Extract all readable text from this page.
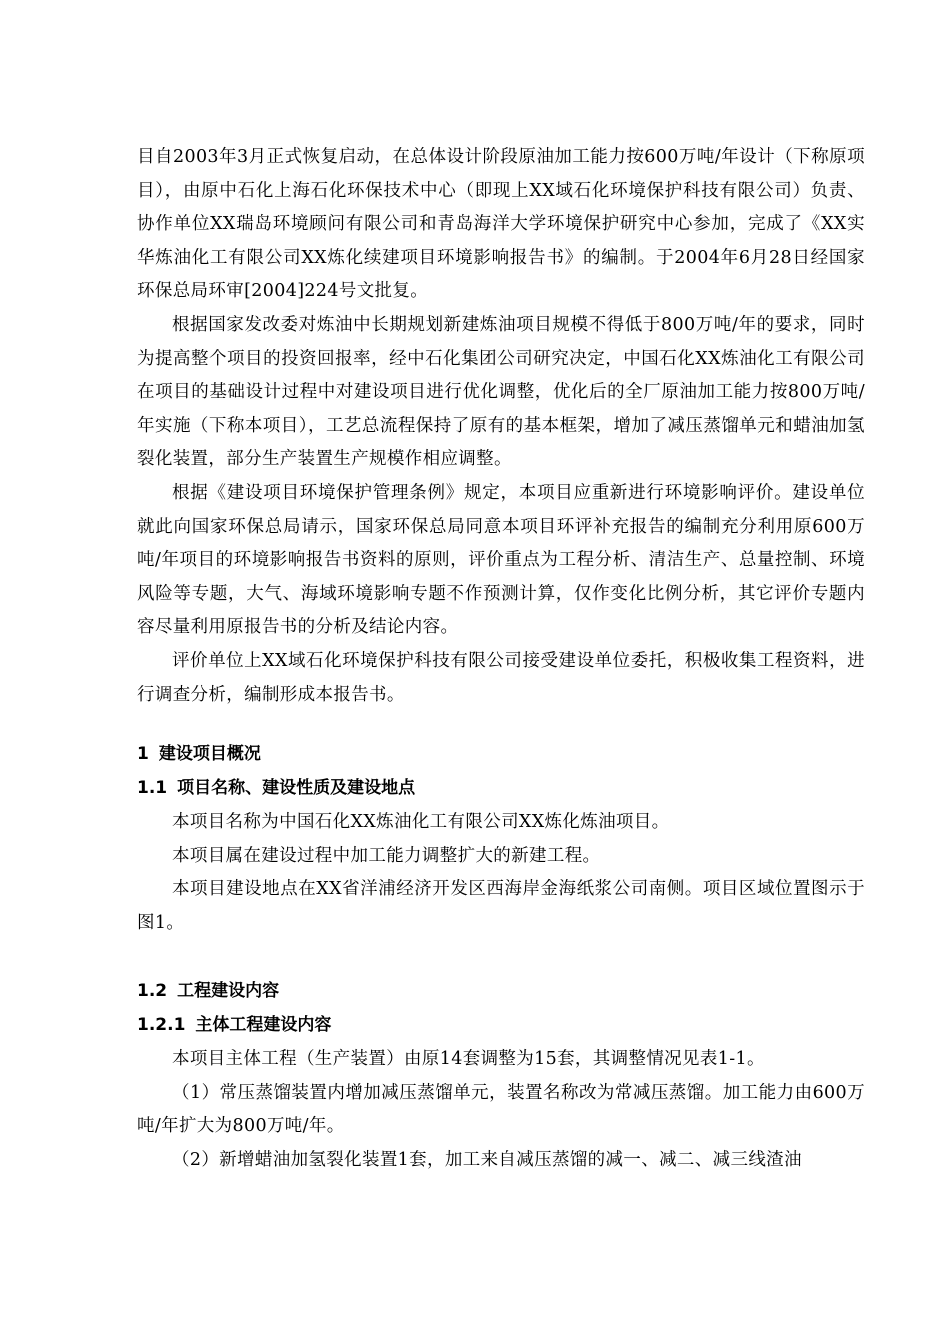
目自2003年3月正式恢复启动，在总体设计阶段原油加工能力按600万吨/年设计（下称原项目），由原中石化上海石化环保技术中心（即现上XX域石化环境保护科技有限公司）负责、协作单位XX瑞岛环境顾问有限公司和青岛海洋大学环境保护研究中心参加，完成了《XX实华炼油化工有限公司XX炼化续建项目环境影响报告书》的编制。于2004年6月28日经国家环保总局环审[2004]224号文批复。

根据国家发改委对炼油中长期规划新建炼油项目规模不得低于800万吨/年的要求，同时为提高整个项目的投资回报率，经中石化集团公司研究决定，中国石化XX炼油化工有限公司在项目的基础设计过程中对建设项目进行优化调整，优化后的全厂原油加工能力按800万吨/年实施（下称本项目），工艺总流程保持了原有的基本框架，增加了减压蒸馏单元和蜡油加氢裂化装置，部分生产装置生产规模作相应调整。

根据《建设项目环境保护管理条例》规定，本项目应重新进行环境影响评价。建设单位就此向国家环保总局请示，国家环保总局同意本项目环评补充报告的编制充分利用原600万吨/年项目的环境影响报告书资料的原则，评价重点为工程分析、清洁生产、总量控制、环境风险等专题，大气、海域环境影响专题不作预测计算，仅作变化比例分析，其它评价专题内容尽量利用原报告书的分析及结论内容。

评价单位上XX域石化环境保护科技有限公司接受建设单位委托，积极收集工程资料，进行调查分析，编制形成本报告书。

1 建设项目概况
1.1 项目名称、建设性质及建设地点

本项目名称为中国石化XX炼油化工有限公司XX炼化炼油项目。

本项目属在建设过程中加工能力调整扩大的新建工程。

本项目建设地点在XX省洋浦经济开发区西海岸金海纸浆公司南侧。项目区域位置图示于图1。

1.2 工程建设内容
1.2.1 主体工程建设内容

本项目主体工程（生产装置）由原14套调整为15套，其调整情况见表1-1。

（1）常压蒸馏装置内增加减压蒸馏单元，装置名称改为常减压蒸馏。加工能力由600万吨/年扩大为800万吨/年。

（2）新增蜡油加氢裂化装置1套，加工来自减压蒸馏的减一、减二、减三线渣油
